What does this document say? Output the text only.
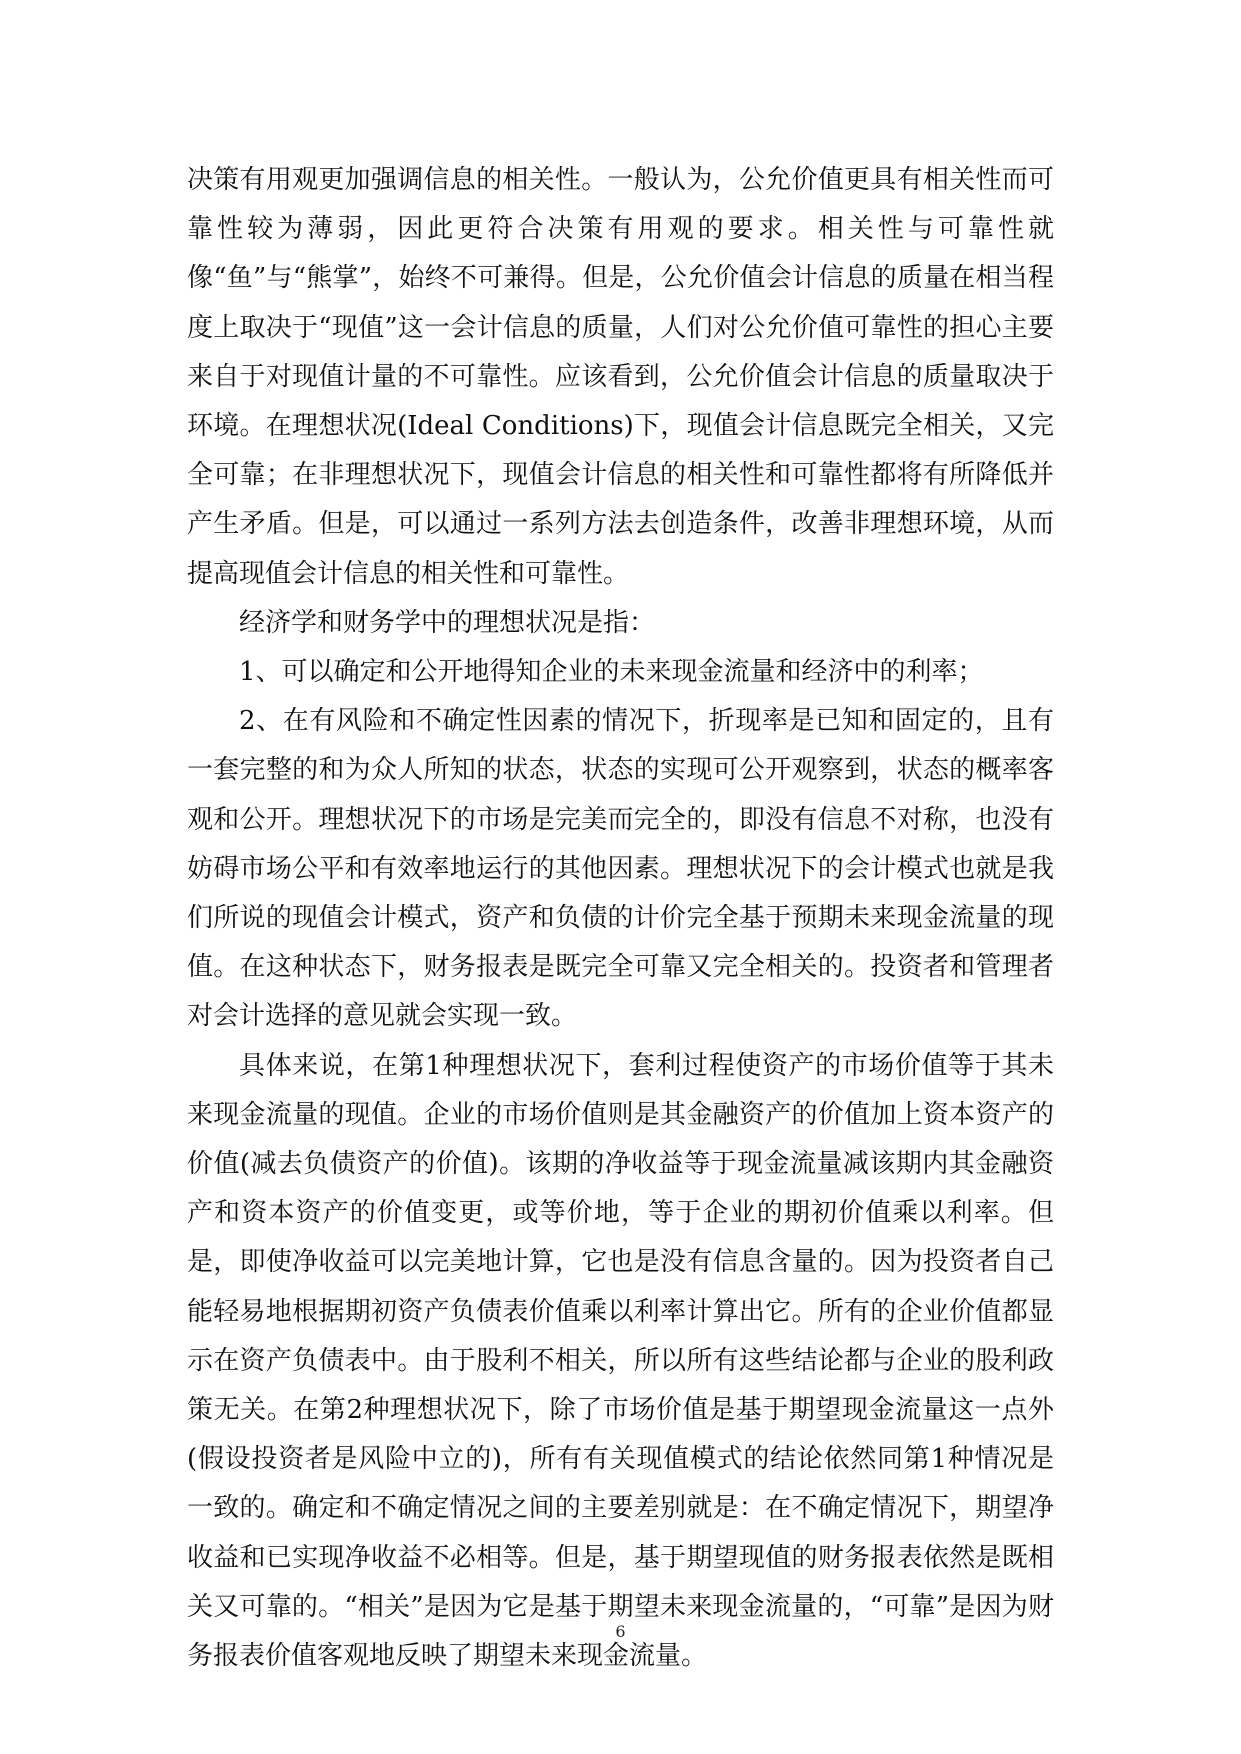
决策有用观更加强调信息的相关性。一般认为，公允价值更具有相关性而可靠性较为薄弱，因此更符合决策有用观的要求。相关性与可靠性就像“鱼”与“熊掌”，始终不可兼得。但是，公允价值会计信息的质量在相当程度上取决于“现值”这一会计信息的质量，人们对公允价值可靠性的担心主要来自于对现值计量的不可靠性。应该看到，公允价值会计信息的质量取决于环境。在理想状况(Ideal Conditions)下，现值会计信息既完全相关，又完全可靠；在非理想状况下，现值会计信息的相关性和可靠性都将有所降低并产生矛盾。但是，可以通过一系列方法去创造条件，改善非理想环境，从而提高现值会计信息的相关性和可靠性。

经济学和财务学中的理想状况是指：

1、可以确定和公开地得知企业的未来现金流量和经济中的利率；

2、在有风险和不确定性因素的情况下，折现率是已知和固定的，且有一套完整的和为众人所知的状态，状态的实现可公开观察到，状态的概率客观和公开。理想状况下的市场是完美而完全的，即没有信息不对称，也没有妨碍市场公平和有效率地运行的其他因素。理想状况下的会计模式也就是我们所说的现值会计模式，资产和负债的计价完全基于预期未来现金流量的现值。在这种状态下，财务报表是既完全可靠又完全相关的。投资者和管理者对会计选择的意见就会实现一致。

具体来说，在第1种理想状况下，套利过程使资产的市场价值等于其未来现金流量的现值。企业的市场价值则是其金融资产的价值加上资本资产的价值(减去负债资产的价值)。该期的净收益等于现金流量减该期内其金融资产和资本资产的价值变更，或等价地，等于企业的期初价值乘以利率。但是，即使净收益可以完美地计算，它也是没有信息含量的。因为投资者自己能轻易地根据期初资产负债表价值乘以利率计算出它。所有的企业价值都显示在资产负债表中。由于股利不相关，所以所有这些结论都与企业的股利政策无关。在第2种理想状况下，除了市场价值是基于期望现金流量这一点外(假设投资者是风险中立的)，所有有关现值模式的结论依然同第1种情况是一致的。确定和不确定情况之间的主要差别就是：在不确定情况下，期望净收益和已实现净收益不必相等。但是，基于期望现值的财务报表依然是既相关又可靠的。“相关”是因为它是基于期望未来现金流量的，“可靠”是因为财务报表价值客观地反映了期望未来现金流量。

6
